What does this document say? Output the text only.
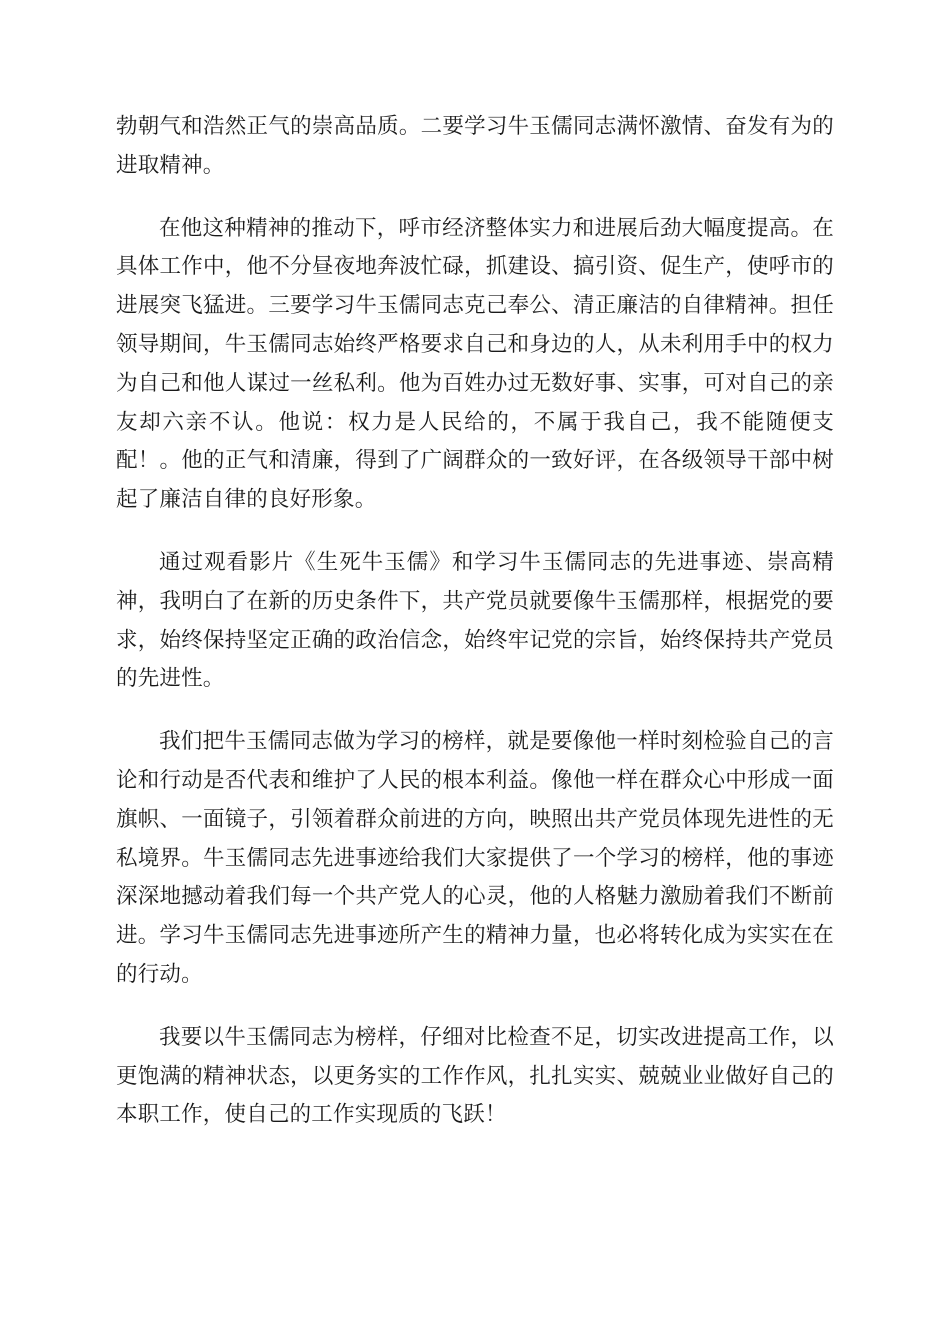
勃朝气和浩然正气的崇高品质。二要学习牛玉儒同志满怀激情、奋发有为的进取精神。

在他这种精神的推动下，呼市经济整体实力和进展后劲大幅度提高。在具体工作中，他不分昼夜地奔波忙碌，抓建设、搞引资、促生产，使呼市的进展突飞猛进。三要学习牛玉儒同志克己奉公、清正廉洁的自律精神。担任领导期间，牛玉儒同志始终严格要求自己和身边的人，从未利用手中的权力为自己和他人谋过一丝私利。他为百姓办过无数好事、实事，可对自己的亲友却六亲不认。他说：权力是人民给的，不属于我自己，我不能随便支配！。他的正气和清廉，得到了广阔群众的一致好评，在各级领导干部中树起了廉洁自律的良好形象。

通过观看影片《生死牛玉儒》和学习牛玉儒同志的先进事迹、崇高精神，我明白了在新的历史条件下，共产党员就要像牛玉儒那样，根据党的要求，始终保持坚定正确的政治信念，始终牢记党的宗旨，始终保持共产党员的先进性。

我们把牛玉儒同志做为学习的榜样，就是要像他一样时刻检验自己的言论和行动是否代表和维护了人民的根本利益。像他一样在群众心中形成一面旗帜、一面镜子，引领着群众前进的方向，映照出共产党员体现先进性的无私境界。牛玉儒同志先进事迹给我们大家提供了一个学习的榜样，他的事迹深深地撼动着我们每一个共产党人的心灵，他的人格魅力激励着我们不断前进。学习牛玉儒同志先进事迹所产生的精神力量，也必将转化成为实实在在的行动。

我要以牛玉儒同志为榜样，仔细对比检查不足，切实改进提高工作，以更饱满的精神状态，以更务实的工作作风，扎扎实实、兢兢业业做好自己的本职工作，使自己的工作实现质的飞跃！
